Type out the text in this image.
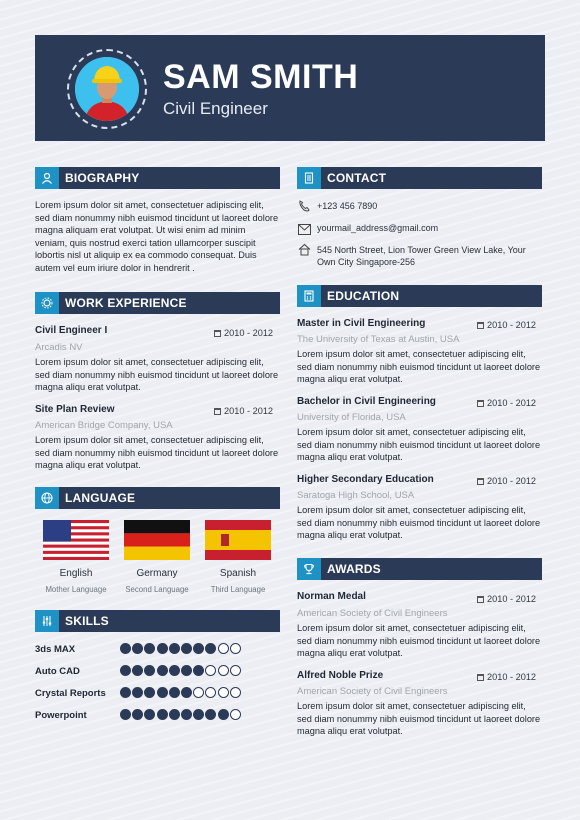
SAM SMITH
Civil Engineer
BIOGRAPHY
Lorem ipsum dolor sit amet, consectetuer adipiscing elit, sed diam nonummy nibh euismod tincidunt ut laoreet dolore magna aliquam erat volutpat. Ut wisi enim ad minim veniam, quis nostrud exerci tation ullamcorper suscipit lobortis nisl ut aliquip ex ea commodo consequat. Duis autem vel eum iriure dolor in hendrerit .
CONTACT
+123 456 7890
yourmail_address@gmail.com
545 North Street, Lion Tower Green View Lake, Your
Own City Singapore-256
WORK EXPERIENCE
Civil Engineer I	2010 - 2012
Arcadis NV
Lorem ipsum dolor sit amet, consectetuer adipiscing elit, sed diam nonummy nibh euismod tincidunt ut laoreet dolore magna aliqu erat volutpat.
Site Plan Review	2010 - 2012
American Bridge Company, USA
Lorem ipsum dolor sit amet, consectetuer adipiscing elit, sed diam nonummy nibh euismod tincidunt ut laoreet dolore magna aliqu erat volutpat.
EDUCATION
Master in Civil Engineering	2010 - 2012
The University of Texas at Austin, USA
Lorem ipsum dolor sit amet, consectetuer adipiscing elit, sed diam nonummy nibh euismod tincidunt ut laoreet dolore magna aliqu erat volutpat.
Bachelor in Civil Engineering	2010 - 2012
University of Florida, USA
Lorem ipsum dolor sit amet, consectetuer adipiscing elit, sed diam nonummy nibh euismod tincidunt ut laoreet dolore magna aliqu erat volutpat.
Higher Secondary Education	2010 - 2012
Saratoga High School, USA
Lorem ipsum dolor sit amet, consectetuer adipiscing elit, sed diam nonummy nibh euismod tincidunt ut laoreet dolore magna aliqu erat volutpat.
LANGUAGE
English
Mother Language
Germany
Second Language
Spanish
Third Language
AWARDS
Norman Medal	2010 - 2012
American Society of Civil Engineers
Lorem ipsum dolor sit amet, consectetuer adipiscing elit, sed diam nonummy nibh euismod tincidunt ut laoreet dolore magna aliqu erat volutpat.
Alfred Noble Prize	2010 - 2012
American Society of Civil Engineers
Lorem ipsum dolor sit amet, consectetuer adipiscing elit, sed diam nonummy nibh euismod tincidunt ut laoreet dolore magna aliqu erat volutpat.
SKILLS
3ds MAX
Auto CAD
Crystal Reports
Powerpoint
